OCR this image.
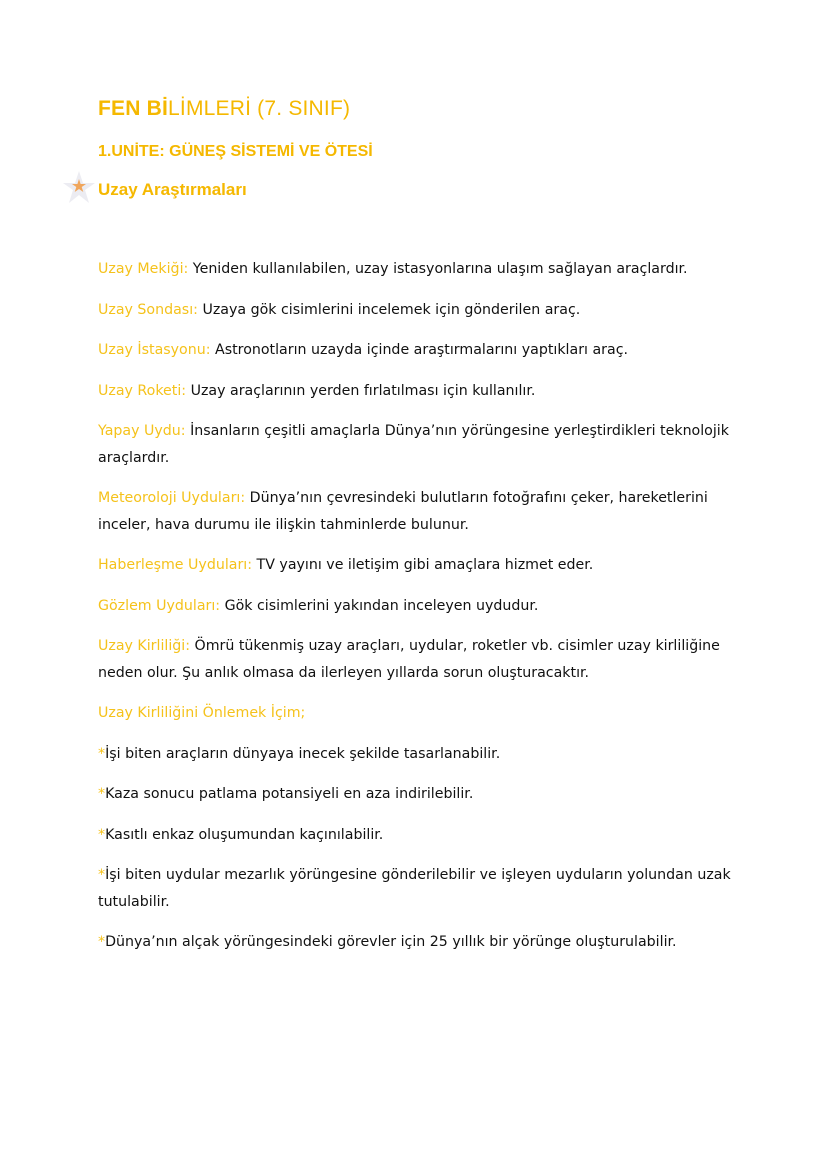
FEN BİLİMLERİ (7. SINIF)
1.UNİTE: GÜNEŞ SİSTEMİ VE ÖTESİ
Uzay Araştırmaları

Uzay Mekiği: Yeniden kullanılabilen, uzay istasyonlarına ulaşım sağlayan araçlardır.

Uzay Sondası: Uzaya gök cisimlerini incelemek için gönderilen araç.

Uzay İstasyonu: Astronotların uzayda içinde araştırmalarını yaptıkları araç.

Uzay Roketi: Uzay araçlarının yerden fırlatılması için kullanılır.

Yapay Uydu: İnsanların çeşitli amaçlarla Dünya’nın yörüngesine yerleştirdikleri teknolojik araçlardır.

Meteoroloji Uyduları: Dünya’nın çevresindeki bulutların fotoğrafını çeker, hareketlerini inceler, hava durumu ile ilişkin tahminlerde bulunur.

Haberleşme Uyduları: TV yayını ve iletişim gibi amaçlara hizmet eder.

Gözlem Uyduları: Gök cisimlerini yakından inceleyen uydudur.

Uzay Kirliliği: Ömrü tükenmiş uzay araçları, uydular, roketler vb. cisimler uzay kirliliğine neden olur. Şu anlık olmasa da ilerleyen yıllarda sorun oluşturacaktır.

Uzay Kirliliğini Önlemek İçim;

*İşi biten araçların dünyaya inecek şekilde tasarlanabilir.

*Kaza sonucu patlama potansiyeli en aza indirilebilir.

*Kasıtlı enkaz oluşumundan kaçınılabilir.

*İşi biten uydular mezarlık yörüngesine gönderilebilir ve işleyen uyduların yolundan uzak tutulabilir.

*Dünya’nın alçak yörüngesindeki görevler için 25 yıllık bir yörünge oluşturulabilir.
